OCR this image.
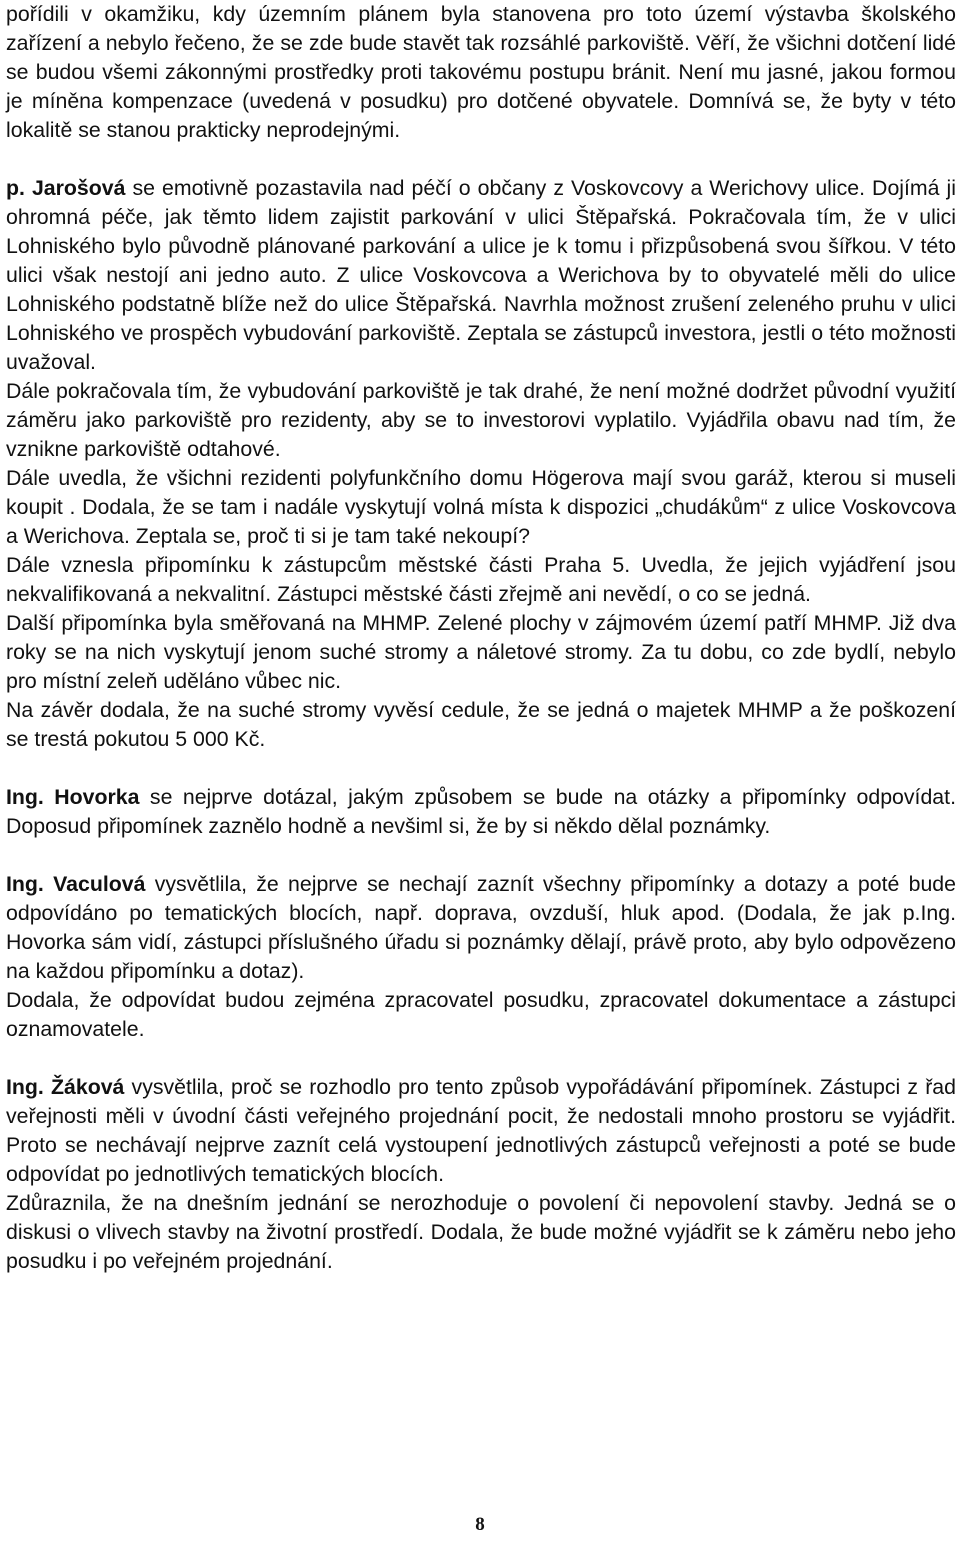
pořídili v okamžiku, kdy územním plánem byla stanovena pro toto území výstavba školského zařízení a nebylo řečeno, že se zde bude stavět tak rozsáhlé parkoviště. Věří, že všichni dotčení lidé se budou všemi zákonnými prostředky proti takovému postupu bránit. Není mu jasné, jakou formou je míněna kompenzace (uvedená v posudku) pro dotčené obyvatele. Domnívá se, že byty v této lokalitě se stanou prakticky neprodejnými.

p. Jarošová se emotivně pozastavila nad péčí o občany z Voskovcovy a Werichovy ulice. Dojímá ji ohromná péče, jak těmto lidem zajistit parkování v ulici Štěpařská. Pokračovala tím, že v ulici Lohniského bylo původně plánované parkování a ulice je k tomu i přizpůsobená svou šířkou. V této ulici však nestojí ani jedno auto. Z ulice Voskovcova a Werichova by to obyvatelé měli do ulice Lohniského podstatně blíže než do ulice Štěpařská. Navrhla možnost zrušení zeleného pruhu v ulici Lohniského ve prospěch vybudování parkoviště. Zeptala se zástupců investora, jestli o této možnosti uvažoval.

Dále pokračovala tím, že vybudování parkoviště je tak drahé, že není možné dodržet původní využití záměru jako parkoviště pro rezidenty, aby se to investorovi vyplatilo. Vyjádřila obavu nad tím, že vznikne parkoviště odtahové.

Dále uvedla, že všichni rezidenti polyfunkčního domu Högerova mají svou garáž, kterou si museli koupit . Dodala, že se tam i nadále vyskytují volná místa k dispozici „chudákům“ z ulice Voskovcova a Werichova. Zeptala se, proč ti si je tam také nekoupí?

Dále vznesla připomínku k zástupcům městské části Praha 5. Uvedla, že jejich vyjádření jsou nekvalifikovaná a nekvalitní. Zástupci městské části zřejmě ani nevědí, o co se jedná.

Další připomínka byla směřovaná na MHMP. Zelené plochy v zájmovém území patří MHMP. Již dva roky se na nich vyskytují jenom suché stromy a náletové stromy. Za tu dobu, co zde bydlí, nebylo pro místní zeleň uděláno vůbec nic.

Na závěr dodala, že na suché stromy vyvěsí cedule, že se jedná o majetek MHMP a že poškození se trestá pokutou 5 000 Kč.

Ing. Hovorka se nejprve dotázal, jakým způsobem se bude na otázky a připomínky odpovídat. Doposud připomínek zaznělo hodně a nevšiml si, že by si někdo dělal poznámky.

Ing. Vaculová vysvětlila, že nejprve se nechají zaznít všechny připomínky a dotazy a poté bude odpovídáno po tematických blocích, např. doprava, ovzduší, hluk apod. (Dodala, že jak p.Ing. Hovorka sám vidí, zástupci příslušného úřadu si poznámky dělají, právě proto, aby bylo odpovězeno na každou připomínku a dotaz).

Dodala, že odpovídat budou zejména zpracovatel posudku, zpracovatel dokumentace a zástupci oznamovatele.

Ing. Žáková vysvětlila, proč se rozhodlo pro tento způsob vypořádávání připomínek. Zástupci z řad veřejnosti měli v úvodní části veřejného projednání pocit, že nedostali mnoho prostoru se vyjádřit. Proto se nechávají nejprve zaznít celá vystoupení jednotlivých zástupců veřejnosti a poté se bude odpovídat po jednotlivých tematických blocích.

Zdůraznila, že na dnešním jednání se nerozhoduje o povolení či nepovolení stavby. Jedná se o diskusi o vlivech stavby na životní prostředí. Dodala, že bude možné vyjádřit se k záměru nebo jeho posudku i po veřejném projednání.

8
